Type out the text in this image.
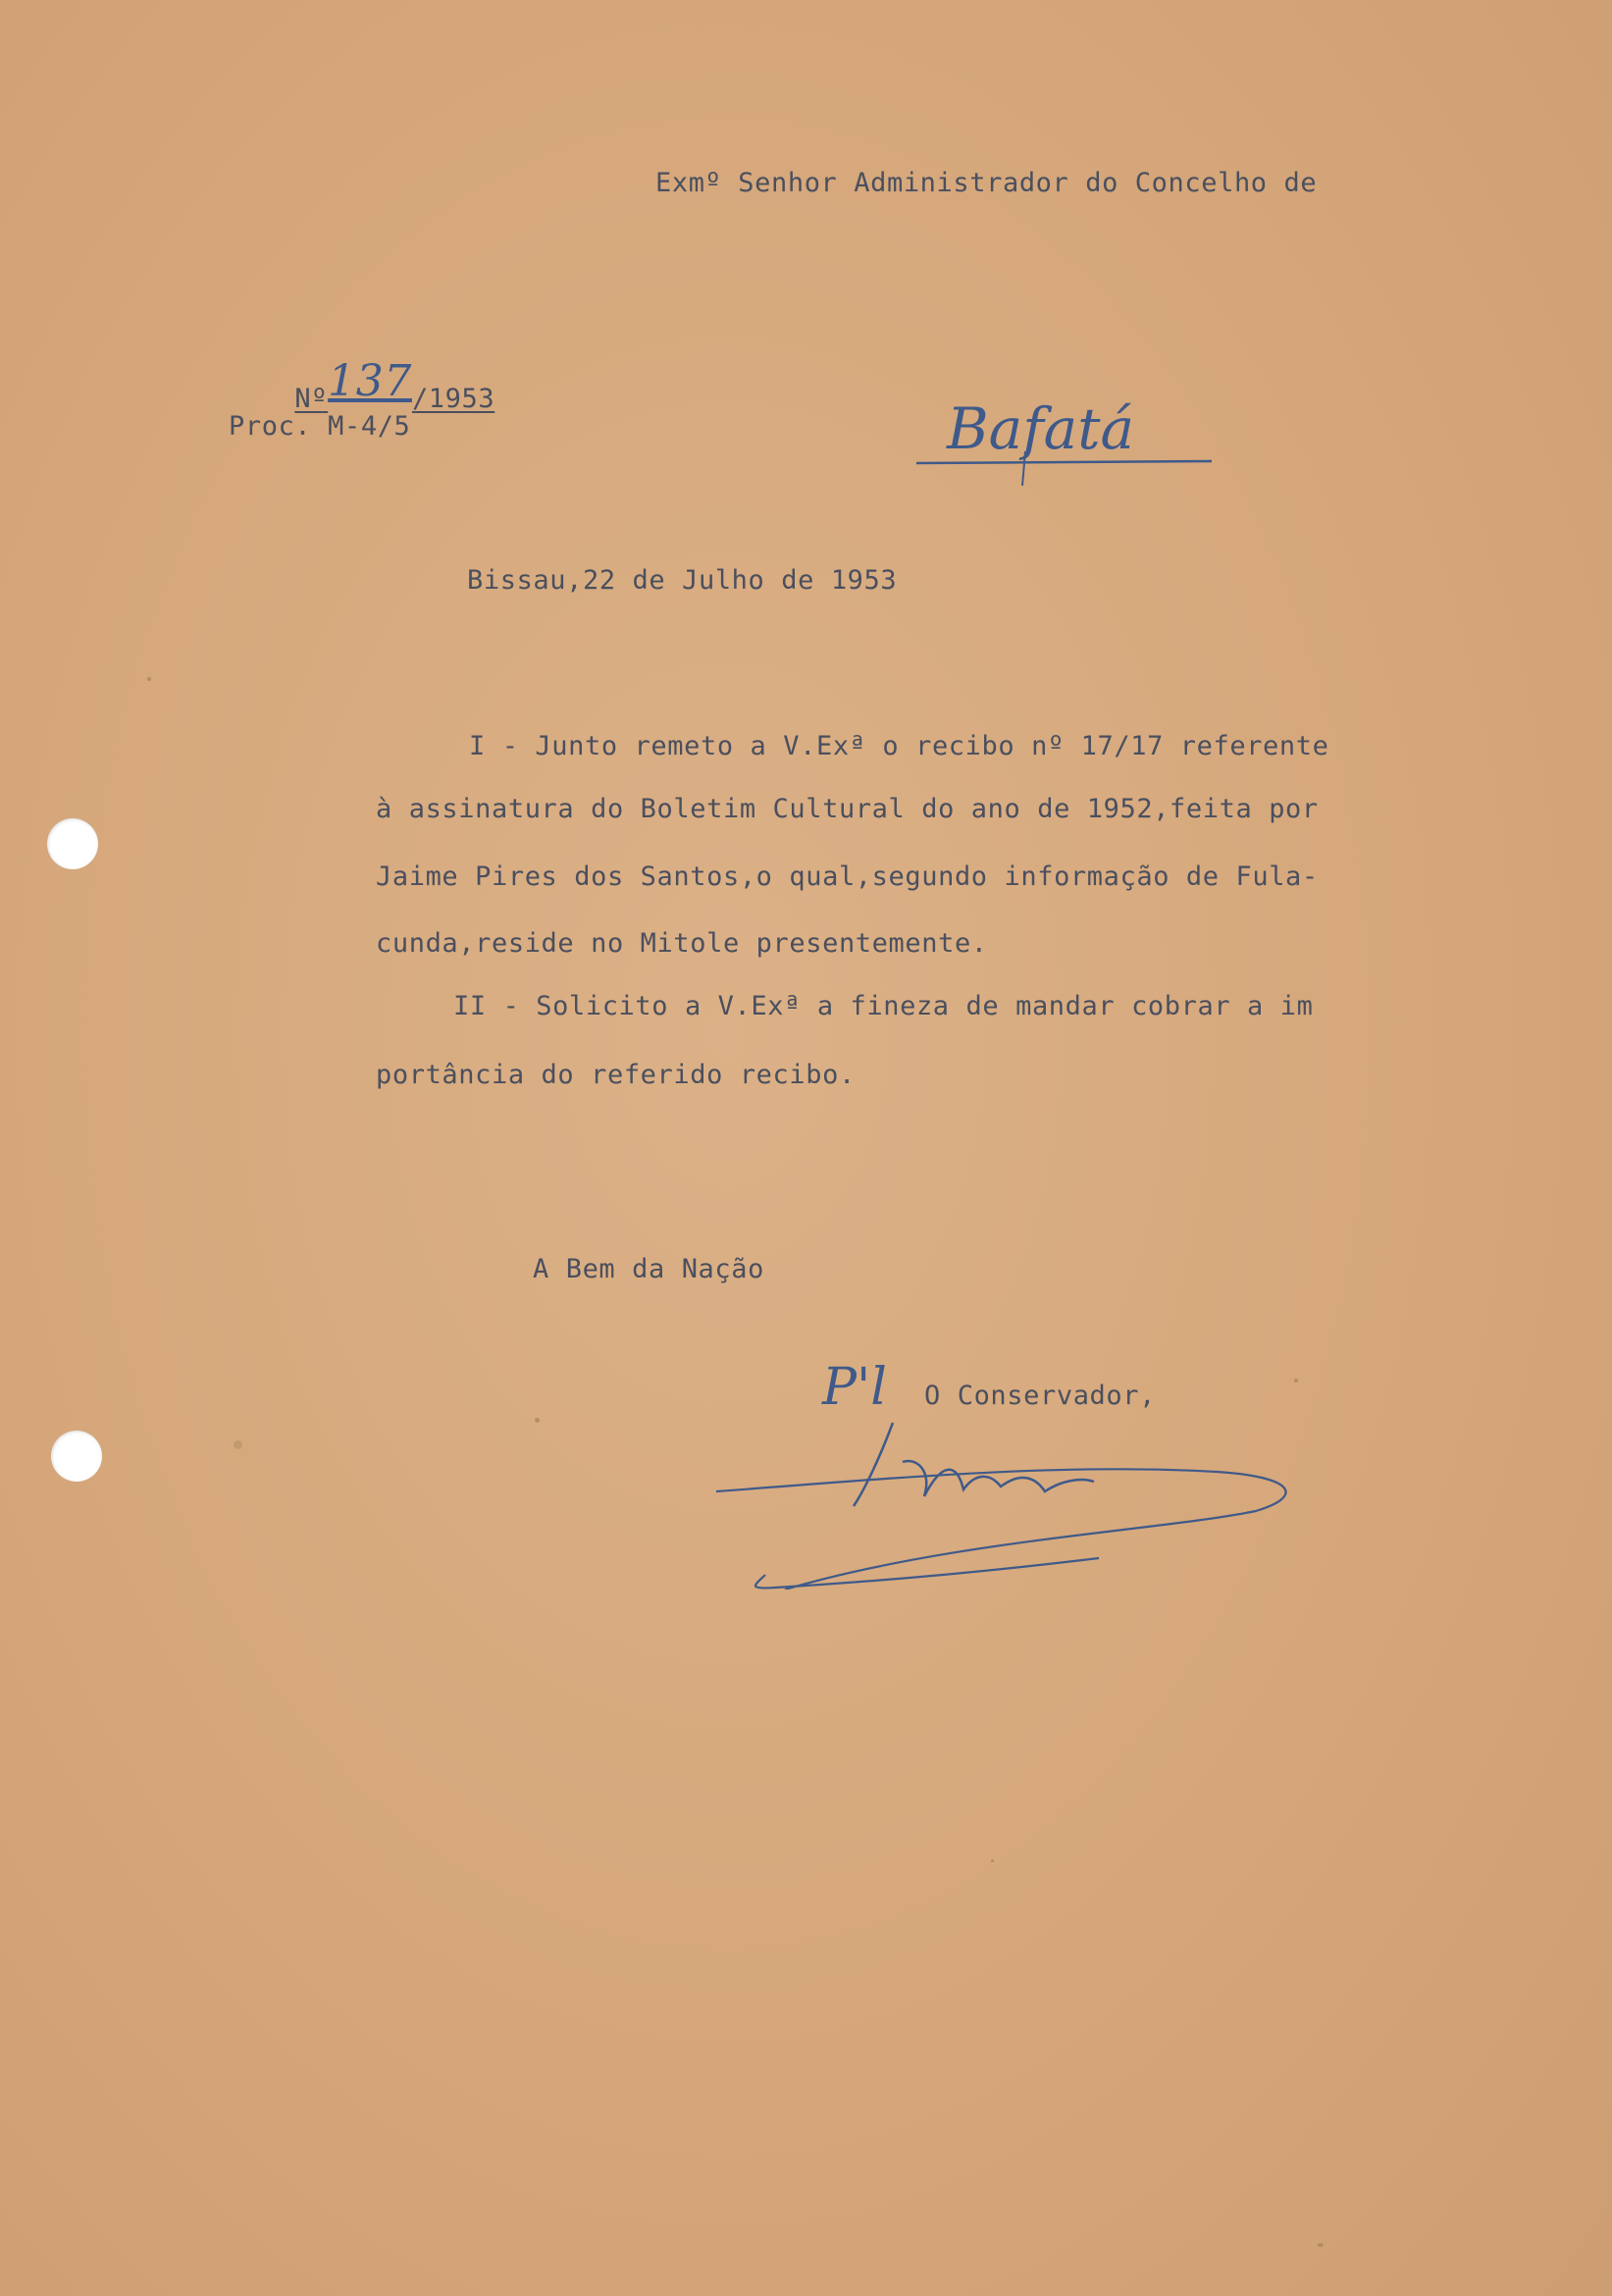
Exmº Senhor Administrador do Concelho de

Nº137/1953

Proc. M-4/5	Bafatá
Bissau,22 de Julho de 1953
I - Junto remeto a V.Exª o recibo nº 17/17 referente
à assinatura do Boletim Cultural do ano de 1952,feita por
Jaime Pires dos Santos,o qual,segundo informação de Fula-
cunda,reside no Mitole presentemente.
II - Solicito a V.Exª a fineza de mandar cobrar a im
portância do referido recibo.
A Bem da Nação
P'l O Conservador,
